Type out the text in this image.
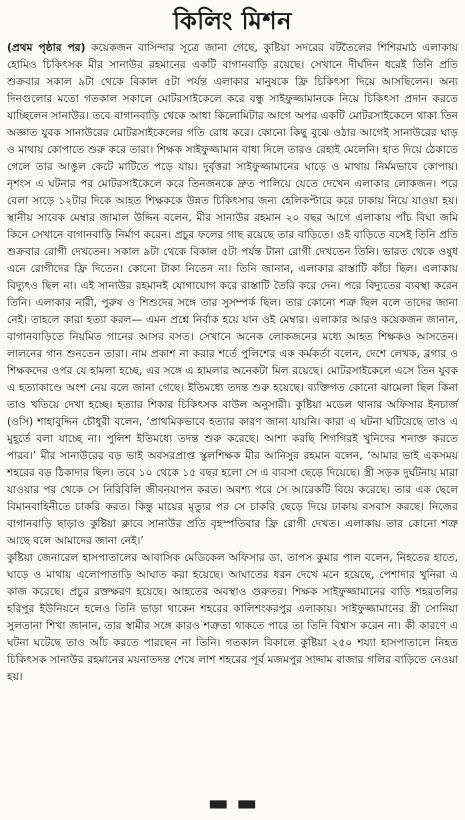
কিলিং মিশন

(প্রথম পৃষ্ঠার পর) কয়েকজন বাসিন্দার সূত্রে জানা গেছে, কুষ্টিয়া সদরের বটতৈলের শিশিরমাঠ এলাকায় হোমিও চিকিৎসক মীর সানাউর রহমানের একটি বাগানবাড়ি রয়েছে। সেখানে দীর্ঘদিন ধরেই তিনি প্রতি শুক্রবার সকাল ৯টা থেকে বিকাল ৫টা পর্যন্ত এলাকার মানুষকে ফ্রি চিকিৎসা দিয়ে আসছিলেন। অন্য দিনগুলোর মতো গতকাল সকালে মোটরসাইকেলে করে বন্ধু সাইফুজ্জামানকে নিয়ে চিকিৎসা প্রদান করতে যাচ্ছিলেন সানাউর। তবে বাগানবাড়ি থেকে আধা কিলোমিটার আগে অপর একটি মোটরসাইকেলে থাকা তিন অজ্ঞাত যুবক সানাউরের মোটরসাইকেলের গতি রোধ করে। কোনো কিছু বুঝে ওঠার আগেই সানাউরের ঘাড় ও মাথায় কোপাতে শুরু করে তারা। শিক্ষক সাইফুজ্জামান বাধা দিলে তারও রেহাই মেলেনি। হাত দিয়ে ঠেকাতে গেলে তার আঙুল কেটে মাটিতে পড়ে যায়। দুর্বৃত্তরা সাইফুজ্জামানের ঘাড়ে ও মাথায় নির্মমভাবে কোপায়। নৃশংস এ ঘটনার পর মোটরসাইকেলে করে তিনজনকে দ্রুত পালিয়ে যেতে দেখেন এলাকার লোকজন। পরে বেলা সাড়ে ১২টার দিকে আহত শিক্ষককে উন্নত চিকিৎসার জন্য হেলিকপ্টারে করে ঢাকায় নিয়ে যাওয়া হয়। স্থানীয় সাবেক মেম্বার জামাল উদ্দিন বলেন, মীর সানাউর রহমান ২০ বছর আগে এলাকায় পাঁচ বিঘা জমি কিনে সেখানে বাগানবাড়ি নির্মাণ করেন। প্রচুর ফলের গাছ রয়েছে তার বাড়িতে। ওই বাড়িতে বসেই তিনি প্রতি শুক্রবার রোগী দেখতেন। সকাল ৯টা থেকে বিকাল ৫টা পর্যন্ত টানা রোগী দেখতেন তিনি। ভারত থেকে ওষুধ এনে রোগীদের ফ্রি দিতেন। কোনো টাকা নিতেন না। তিনি জানান, এলাকার রাস্তাটি কাঁচা ছিল। এলাকায় বিদ্যুৎও ছিল না। এই সানাউর রহমানই যোগাযোগ করে রাস্তাটি তৈরি করে দেন। পরে বিদ্যুতের ব্যবস্থা করেন তিনি। এলাকার নারী, পুরুষ ও শিশুদের সঙ্গে তার সুসম্পর্ক ছিল। তার কোনো শত্রু ছিল বলে তাদের জানা নেই। তাহলে কারা হত্যা করল— এমন প্রশ্নে নির্বাক হয়ে যান ওই মেম্বার। এলাকার আরও কয়েকজন জানান, বাগানবাড়িতে নিয়মিত গানের আসর বসত। সেখানে অনেক লোকজনের মধ্যে আহত শিক্ষকও আসতেন। লালনের গান শুনতেন তারা। নাম প্রকাশ না করার শর্তে পুলিশের এক কর্মকর্তা বলেন, দেশে লেখক, ব্লগার ও শিক্ষকদের ওপর যে হামলা হচ্ছে, এর সঙ্গে এ হামলার অনেকটা মিল রয়েছে। মোটরসাইকেলে এসে তিন যুবক এ হত্যাকাণ্ডে অংশ নেয় বলে জানা গেছে। ইতিমধ্যে তদন্ত শুরু হয়েছে। ব্যক্তিগত কোনো ঝামেলা ছিল কিনা তাও খতিয়ে দেখা হচ্ছে। হত্যার শিকার চিকিৎসক বাউল অনুসারী। কুষ্টিয়া মডেল থানার অফিসার ইনচার্জ (ওসি) শাহাবুদ্দিন চৌধুরী বলেন, ‘প্রাথমিকভাবে হত্যার কারণ জানা যায়নি। কারা এ ঘটনা ঘটিয়েছে তাও এ মুহূর্তে বলা যাচ্ছে না। পুলিশ ইতিমধ্যে তদন্ত শুরু করেছে। আশা করছি শিগগিরই খুনিদের শনাক্ত করতে পারব।’ মীর সানাউরের বড় ভাই অবসরপ্রাপ্ত স্কুলশিক্ষক মীর আনিসুর রহমান বলেন, ‘আমার ভাই একসময় শহরের বড় ঠিকাদার ছিল। তবে ১০ থেকে ১৫ বছর হলো সে এ ব্যবসা ছেড়ে দিয়েছে। স্ত্রী সড়ক দুর্ঘটনায় মারা যাওয়ার পর থেকে সে নিরিবিলি জীবনযাপন করত। অবশ্য পরে সে আরেকটি বিয়ে করেছে। তার এক ছেলে বিমানবাহিনীতে চাকরি করত। কিন্তু মায়ের মৃত্যুর পর সে চাকরি ছেড়ে দিয়ে ঢাকায় বসবাস করছে। নিজের বাগানবাড়ি ছাড়াও কুষ্টিয়া ক্লাবে সানাউর প্রতি বৃহস্পতিবার ফ্রি রোগী দেখত। এলাকায় তার কোনো শত্রু আছে বলে আমাদের জানা নেই।’

কুষ্টিয়া জেনারেল হাসপাতালের আবাসিক মেডিকেল অফিসার ডা. তাপস কুমার পাল বলেন, নিহতের হাতে, ঘাড়ে ও মাথায় এলোপাতাড়ি আঘাত করা হয়েছে। আঘাতের ধরন দেখে মনে হয়েছে, পেশাদার খুনিরা এ কাজ করেছে। প্রচুর রক্তক্ষরণ হয়েছে। আহতের অবস্থাও গুরুতর। শিক্ষক সাইফুজ্জামানের বাড়ি শহরতলির হরিপুর ইউনিয়নে হলেও তিনি ভাড়া থাকেন শহরের কালিশংকরপুর এলাকায়। সাইফুজ্জামানের স্ত্রী সোনিয়া সুলতানা শিখা জানান, তার স্বামীর সঙ্গে কারও শত্রুতা থাকতে পারে তা তিনি বিশ্বাস করেন না। কী কারণে এ ঘটনা ঘটেছে তাও আঁচ করতে পারছেন না তিনি। গতকাল বিকালে কুষ্টিয়া ২৫০ শয্যা হাসপাতালে নিহত চিকিৎসক সানাউর রহমানের ময়নাতদন্ত শেষে লাশ শহরের পূর্ব মজমপুর সাদ্দাম বাজার গলির বাড়িতে নেওয়া হয়।

▬ ▬
